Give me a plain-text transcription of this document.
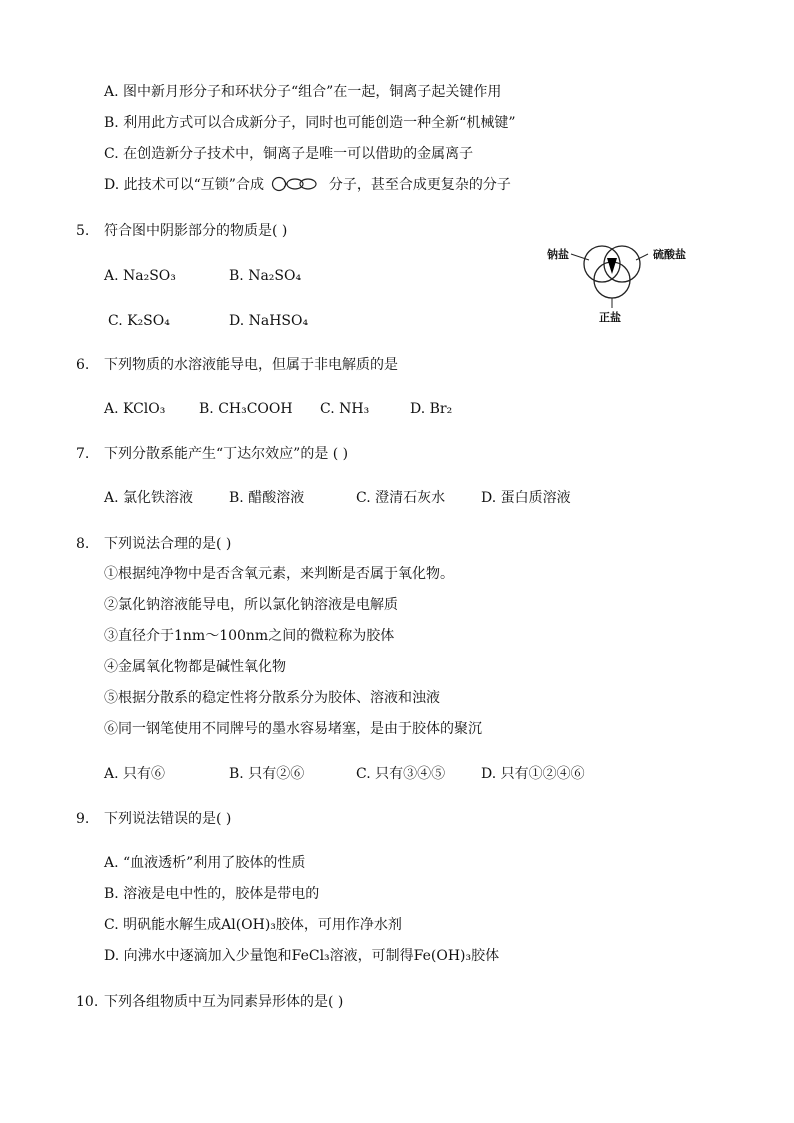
A. 图中新月形分子和环状分子“组合”在一起，铜离子起关键作用
B. 利用此方式可以合成新分子，同时也可能创造一种全新“机械键”
C. 在创造新分子技术中，铜离子是唯一可以借助的金属离子
D. 此技术可以“互锁”合成	分子，甚至合成更复杂的分子
5. 符合图中阴影部分的物质是( )
A. Na₂SO₃	B. Na₂SO₄
C. K₂SO₄	D. NaHSO₄
钠盐	硫酸盐
正盐
6. 下列物质的水溶液能导电，但属于非电解质的是
A. KClO₃ B. CH₃COOH C. NH₃	D. Br₂
7. 下列分散系能产生“丁达尔效应”的是 ( )
A. 氯化铁溶液	B. 醋酸溶液	C. 澄清石灰水	D. 蛋白质溶液
8. 下列说法合理的是( )
①根据纯净物中是否含氧元素，来判断是否属于氧化物。
②氯化钠溶液能导电，所以氯化钠溶液是电解质
③直径介于1nm～100nm之间的微粒称为胶体
④金属氧化物都是碱性氧化物
⑤根据分散系的稳定性将分散系分为胶体、溶液和浊液
⑥同一钢笔使用不同牌号的墨水容易堵塞，是由于胶体的聚沉
A. 只有⑥	B. 只有②⑥	C. 只有③④⑤	D. 只有①②④⑥
9. 下列说法错误的是( )
A. “血液透析”利用了胶体的性质
B. 溶液是电中性的，胶体是带电的
C. 明矾能水解生成Al(OH)₃胶体，可用作净水剂
D. 向沸水中逐滴加入少量饱和FeCl₃溶液，可制得Fe(OH)₃胶体
10. 下列各组物质中互为同素异形体的是( )
